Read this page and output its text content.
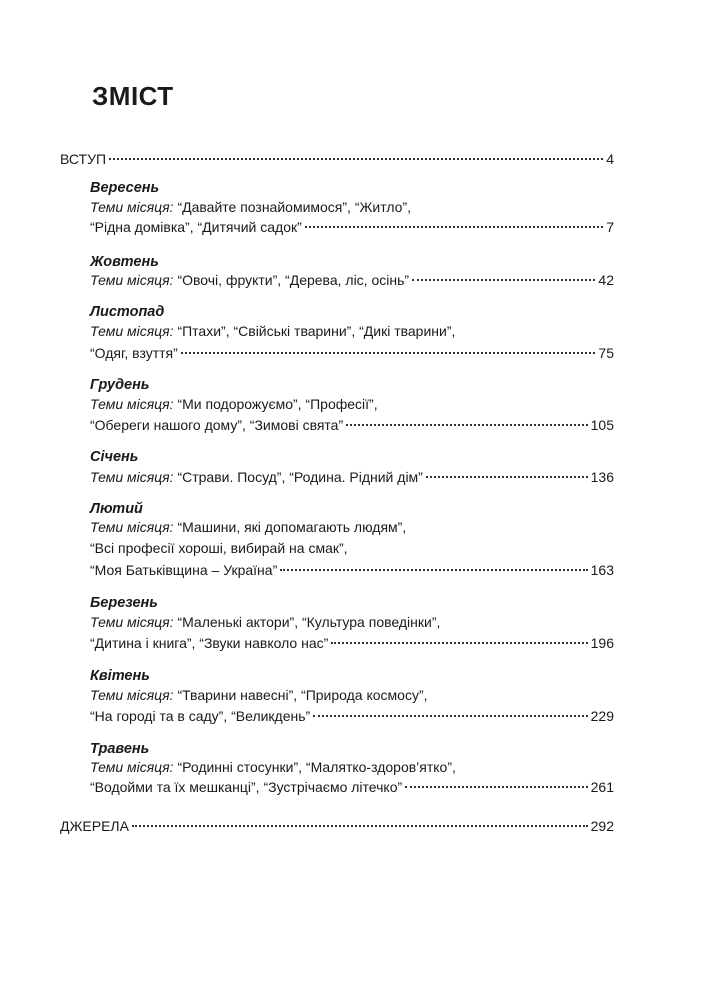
ЗМІСТ
ВСТУП	4
Вересень
Теми місяця: “Давайте познайомимося”, “Житло”,
“Рідна домівка”, “Дитячий садок”	7
Жовтень
Теми місяця: “Овочі, фрукти”, “Дерева, ліс, осінь”	42
Листопад
Теми місяця: “Птахи”, “Свійські тварини”, “Дикі тварини”,
“Одяг, взуття”	75
Грудень
Теми місяця: “Ми подорожуємо”, “Професії”,
“Обереги нашого дому”, “Зимові свята”	105
Січень
Теми місяця: “Страви. Посуд”, “Родина. Рідний дім”	136
Лютий
Теми місяця: “Машини, які допомагають людям”,
“Всі професії хороші, вибирай на смак”,
“Моя Батьківщина – Україна”	163
Березень
Теми місяця: “Маленькі актори”, “Культура поведінки”,
“Дитина і книга”, “Звуки навколо нас”	196
Квітень
Теми місяця: “Тварини навесні”, “Природа космосу”,
“На городі та в саду”, “Великдень”	229
Травень
Теми місяця: “Родинні стосунки”, “Малятко-здоров’ятко”,
“Водойми та їх мешканці”, “Зустрічаємо літечко”	261
ДЖЕРЕЛА	292
